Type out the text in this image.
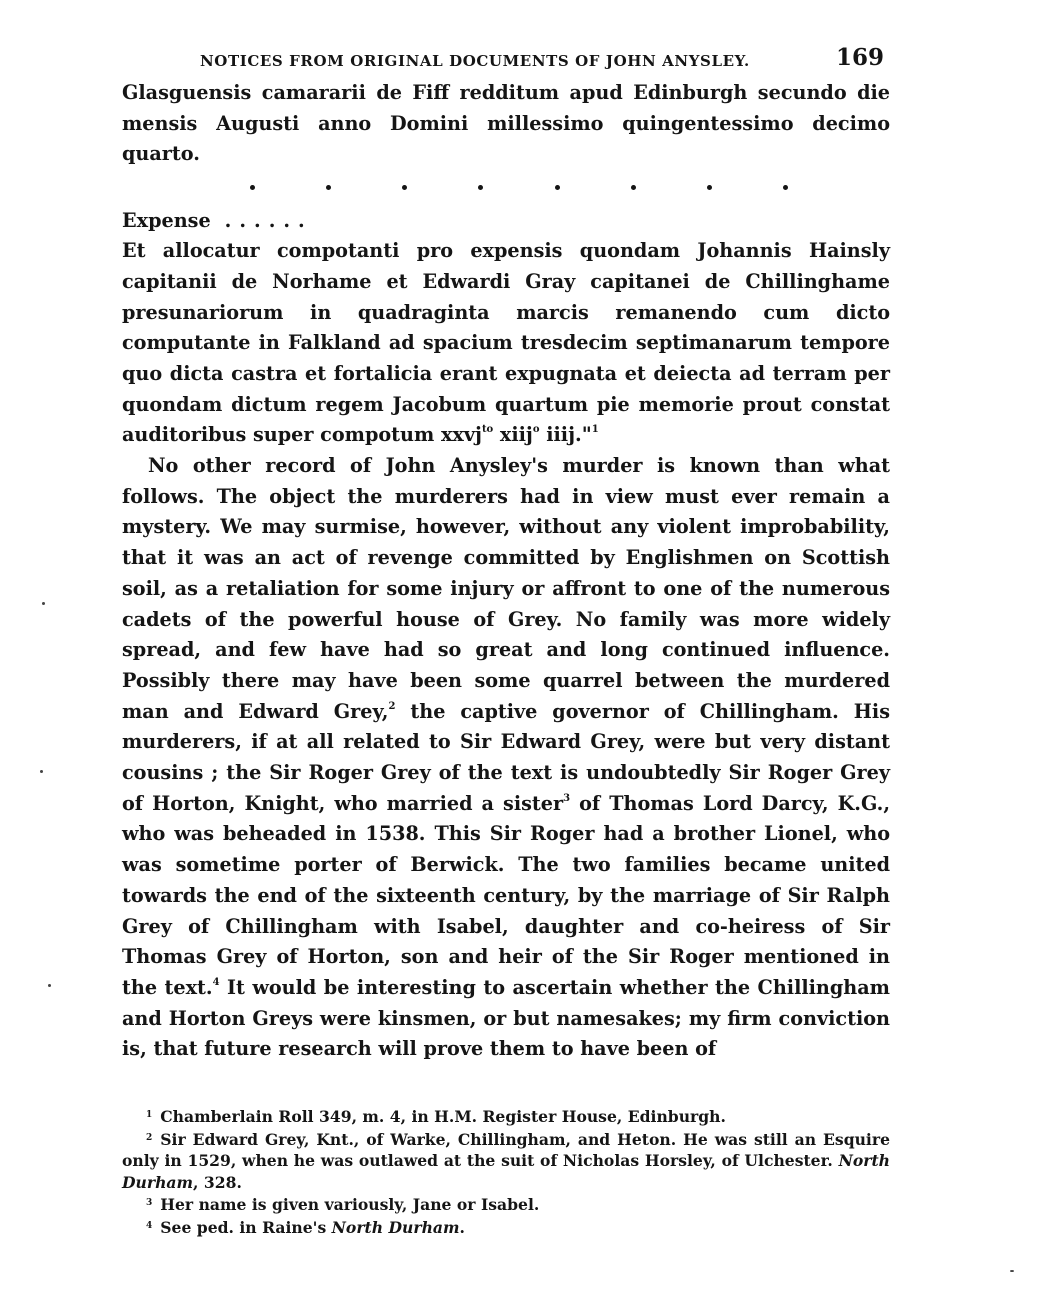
NOTICES FROM ORIGINAL DOCUMENTS OF JOHN ANYSLEY.	169

Glasguensis camararii de Fiff redditum apud Edinburgh secundo die mensis Augusti anno Domini millessimo quingentessimo decimo quarto.

Expense ......

Et allocatur compotanti pro expensis quondam Johannis Hainsly capitanii de Norhame et Edwardi Gray capitanei de Chillinghame presunariorum in quadraginta marcis remanendo cum dicto computante in Falkland ad spacium tresdecim septimanarum tempore quo dicta castra et fortalicia erant expugnata et deiecta ad terram per quondam dictum regem Jacobum quartum pie memorie prout constat auditoribus super compotum xxvj$^{to}$ xiij$^o$ iiij."$^1$

No other record of John Anysley's murder is known than what follows. The object the murderers had in view must ever remain a mystery. We may surmise, however, without any violent improbability, that it was an act of revenge committed by Englishmen on Scottish soil, as a retaliation for some injury or affront to one of the numerous cadets of the powerful house of Grey. No family was more widely spread, and few have had so great and long continued influence. Possibly there may have been some quarrel between the murdered man and Edward Grey,$^2$ the captive governor of Chillingham. His murderers, if at all related to Sir Edward Grey, were but very distant cousins ; the Sir Roger Grey of the text is undoubtedly Sir Roger Grey of Horton, Knight, who married a sister$^3$ of Thomas Lord Darcy, K.G., who was beheaded in 1538. This Sir Roger had a brother Lionel, who was sometime porter of Berwick. The two families became united towards the end of the sixteenth century, by the marriage of Sir Ralph Grey of Chillingham with Isabel, daughter and co-heiress of Sir Thomas Grey of Horton, son and heir of the Sir Roger mentioned in the text.$^4$ It would be interesting to ascertain whether the Chillingham and Horton Greys were kinsmen, or but namesakes; my firm conviction is, that future research will prove them to have been of

$^1$ Chamberlain Roll 349, m. 4, in H.M. Register House, Edinburgh.

$^2$ Sir Edward Grey, Knt., of Warke, Chillingham, and Heton. He was still an Esquire only in 1529, when he was outlawed at the suit of Nicholas Horsley, of Ulchester. North Durham, 328.

$^3$ Her name is given variously, Jane or Isabel.

$^4$ See ped. in Raine's North Durham.
